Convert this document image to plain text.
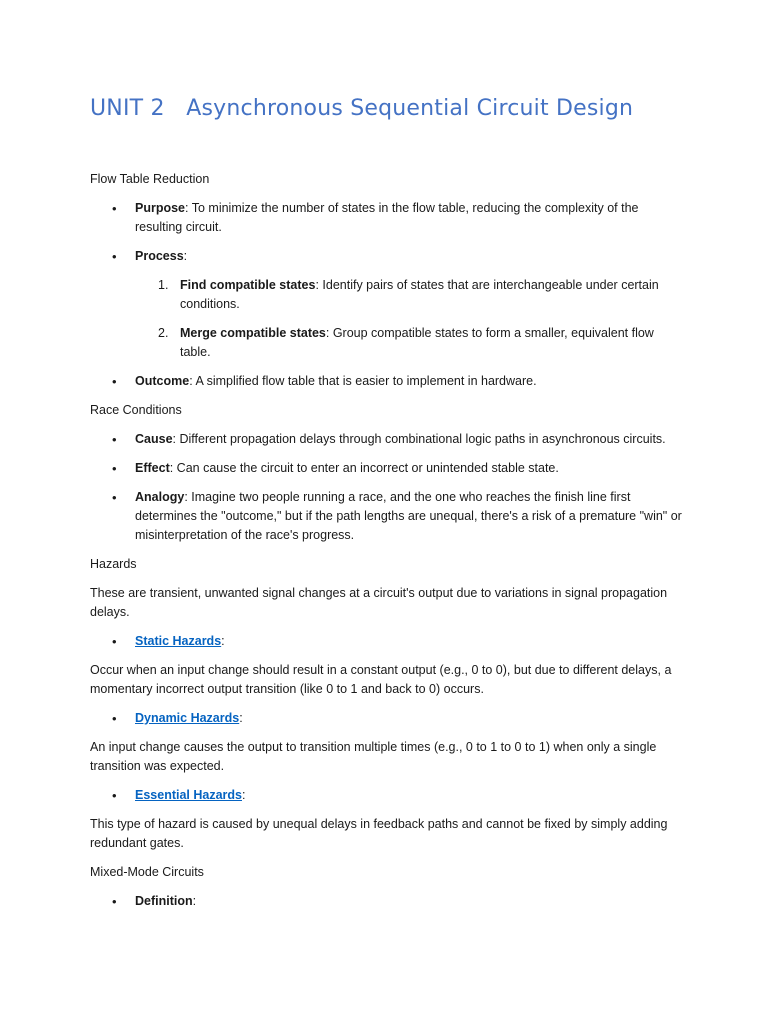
UNIT 2   Asynchronous Sequential Circuit Design

Flow Table Reduction

• Purpose: To minimize the number of states in the flow table, reducing the complexity of the resulting circuit.
• Process:
1. Find compatible states: Identify pairs of states that are interchangeable under certain conditions.
2. Merge compatible states: Group compatible states to form a smaller, equivalent flow table.
• Outcome: A simplified flow table that is easier to implement in hardware.

Race Conditions

• Cause: Different propagation delays through combinational logic paths in asynchronous circuits.
• Effect: Can cause the circuit to enter an incorrect or unintended stable state.
• Analogy: Imagine two people running a race, and the one who reaches the finish line first determines the "outcome," but if the path lengths are unequal, there's a risk of a premature "win" or misinterpretation of the race's progress.

Hazards

These are transient, unwanted signal changes at a circuit's output due to variations in signal propagation delays.

• Static Hazards:

Occur when an input change should result in a constant output (e.g., 0 to 0), but due to different delays, a momentary incorrect output transition (like 0 to 1 and back to 0) occurs.

• Dynamic Hazards:

An input change causes the output to transition multiple times (e.g., 0 to 1 to 0 to 1) when only a single transition was expected.

• Essential Hazards:

This type of hazard is caused by unequal delays in feedback paths and cannot be fixed by simply adding redundant gates.

Mixed-Mode Circuits

• Definition:
